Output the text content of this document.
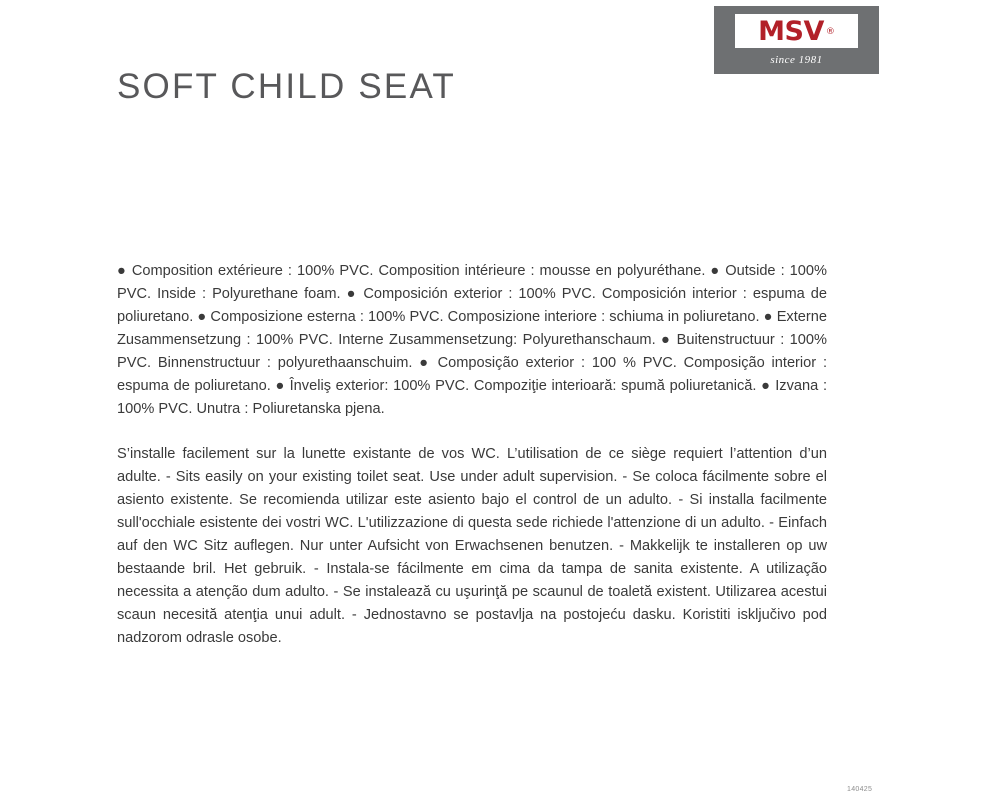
MSV ®
since 1981
SOFT CHILD SEAT
● Composition extérieure : 100% PVC. Composition intérieure : mousse en polyuréthane. ● Outside : 100% PVC. Inside : Polyurethane foam. ● Composición exterior : 100% PVC. Composición interior : espuma de poliuretano. ● Composizione esterna : 100% PVC. Composizione interiore : schiuma in poliuretano. ● Externe Zusammensetzung : 100% PVC. Interne Zusammensetzung: Polyurethanschaum. ● Buitenstructuur : 100% PVC. Binnenstructuur : polyurethaanschuim. ● Composição exterior : 100 % PVC. Composição interior : espuma de poliuretano. ● Înveliş exterior: 100% PVC. Compoziţie interioară: spumă poliuretanică. ● Izvana : 100% PVC. Unutra : Poliuretanska pjena.
S’installe facilement sur la lunette existante de vos WC. L’utilisation de ce siège requiert l’attention d’un adulte. - Sits easily on your existing toilet seat. Use under adult supervision. - Se coloca fácilmente sobre el asiento existente. Se recomienda utilizar este asiento bajo el control de un adulto. - Si installa facilmente sull'occhiale esistente dei vostri WC. L'utilizzazione di questa sede richiede l'attenzione di un adulto. - Einfach auf den WC Sitz auflegen. Nur unter Aufsicht von Erwachsenen benutzen. - Makkelijk te installeren op uw bestaande bril. Het gebruik. - Instala-se fácilmente em cima da tampa de sanita existente. A utilização necessita a atenção dum adulto. - Se instalează cu uşurinţă pe scaunul de toaletă existent. Utilizarea acestui scaun necesită atenţia unui adult. - Jednostavno se postavlja na postojeću dasku. Koristiti isključivo pod nadzorom odrasle osobe.
140425
